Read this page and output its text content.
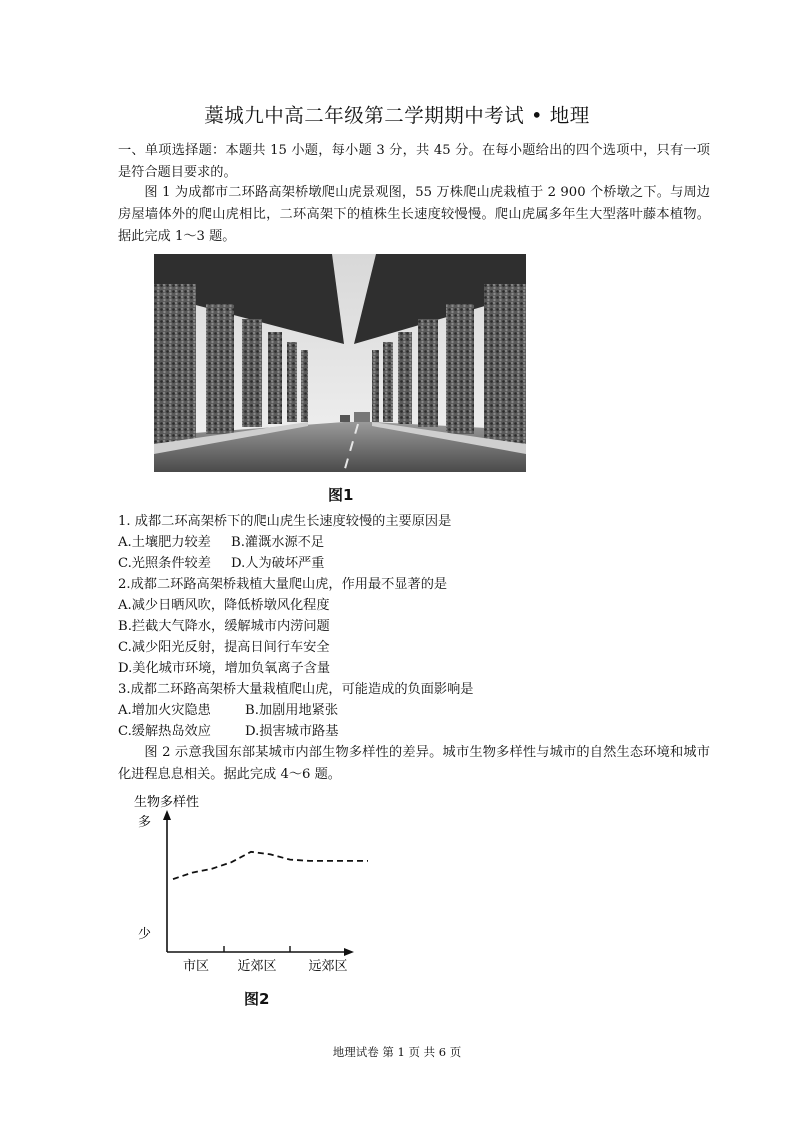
藁城九中高二年级第二学期期中考试 • 地理

一、单项选择题：本题共 15 小题，每小题 3 分，共 45 分。在每小题给出的四个选项中，只有一项是符合题目要求的。

图 1 为成都市二环路高架桥墩爬山虎景观图，55 万株爬山虎栽植于 2 900 个桥墩之下。与周边房屋墙体外的爬山虎相比，二环高架下的植株生长速度较慢慢。爬山虎属多年生大型落叶藤本植物。据此完成 1～3 题。

图1
1. 成都二环高架桥下的爬山虎生长速度较慢的主要原因是
A.土壤肥力较差 B.灌溉水源不足
C.光照条件较差 D.人为破坏严重
2.成都二环路高架桥栽植大量爬山虎，作用最不显著的是
A.减少日晒风吹，降低桥墩风化程度
B.拦截大气降水，缓解城市内涝问题
C.减少阳光反射，提高日间行车安全
D.美化城市环境，增加负氧离子含量
3.成都二环路高架桥大量栽植爬山虎，可能造成的负面影响是
A.增加火灾隐患	B.加剧用地紧张
C.缓解热岛效应	D.损害城市路基

图 2 示意我国东部某城市内部生物多样性的差异。城市生物多样性与城市的自然生态环境和城市化进程息息相关。据此完成 4～6 题。

生物多样性
多
少
市区 近郊区 远郊区
图2
地理试卷 第 1 页 共 6 页
